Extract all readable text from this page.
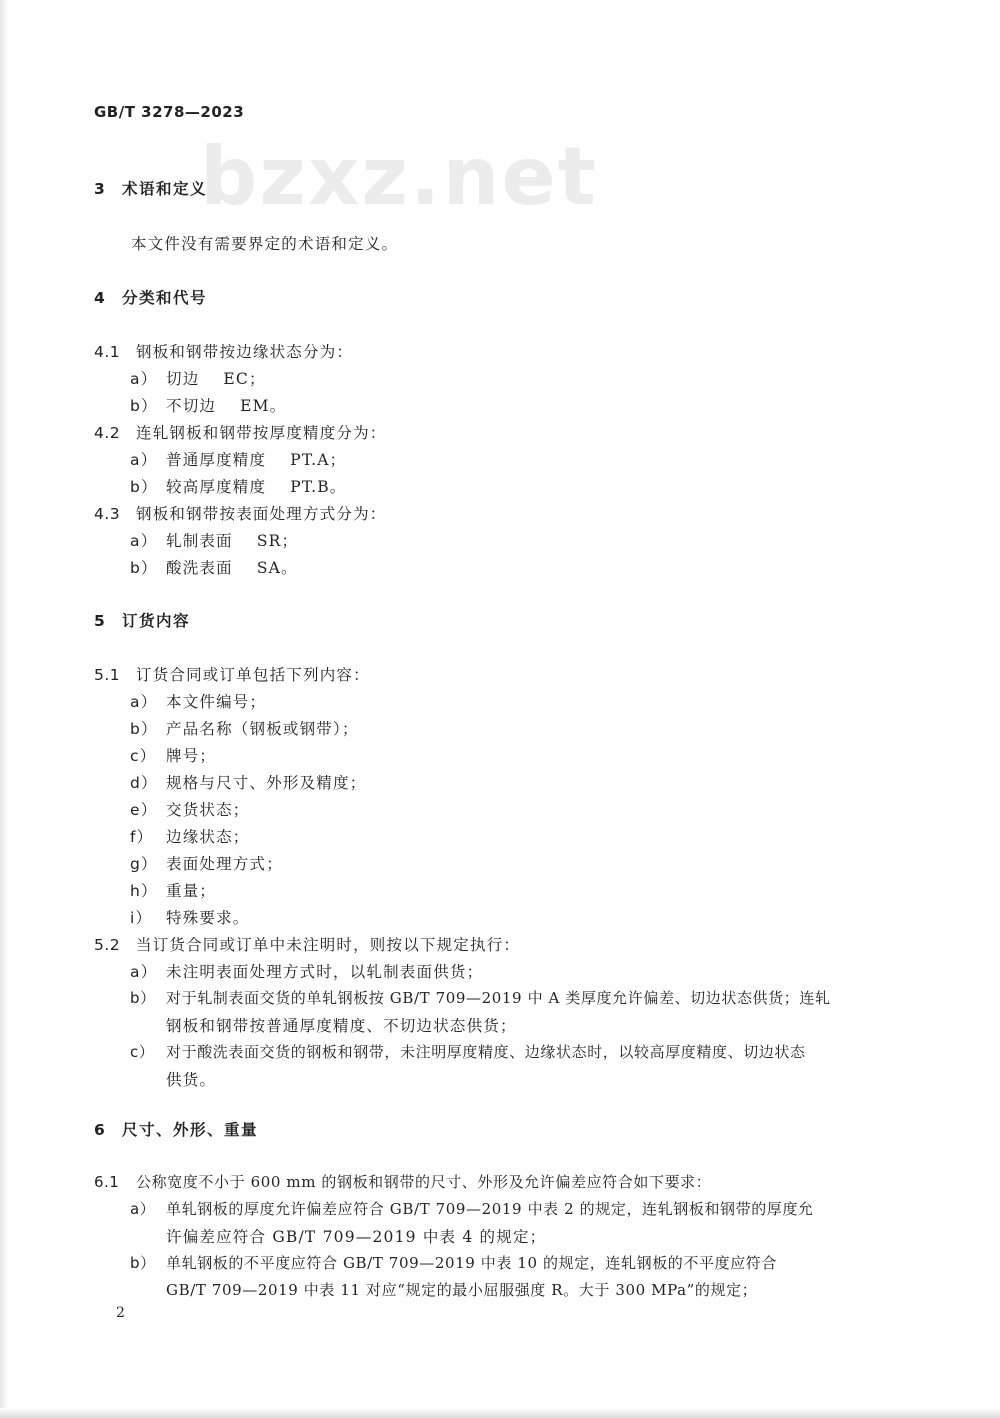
GB/T 3278—2023
bzxz.net
3 术语和定义
本文件没有需要界定的术语和定义。
4 分类和代号
4.1 钢板和钢带按边缘状态分为：
a） 切边 EC；
b） 不切边 EM。
4.2 连轧钢板和钢带按厚度精度分为：
a） 普通厚度精度 PT.A；
b） 较高厚度精度 PT.B。
4.3 钢板和钢带按表面处理方式分为：
a） 轧制表面 SR；
b） 酸洗表面 SA。
5 订货内容
5.1 订货合同或订单包括下列内容：
a） 本文件编号；
b） 产品名称（钢板或钢带）；
c） 牌号；
d） 规格与尺寸、外形及精度；
e） 交货状态；
f） 边缘状态；
g） 表面处理方式；
h） 重量；
i） 特殊要求。
5.2 当订货合同或订单中未注明时，则按以下规定执行：
a） 未注明表面处理方式时，以轧制表面供货；
b） 对于轧制表面交货的单轧钢板按 GB/T 709—2019 中 A 类厚度允许偏差、切边状态供货；连轧
钢板和钢带按普通厚度精度、不切边状态供货；
c） 对于酸洗表面交货的钢板和钢带，未注明厚度精度、边缘状态时，以较高厚度精度、切边状态
供货。
6 尺寸、外形、重量
6.1 公称宽度不小于 600 mm 的钢板和钢带的尺寸、外形及允许偏差应符合如下要求：
a） 单轧钢板的厚度允许偏差应符合 GB/T 709—2019 中表 2 的规定，连轧钢板和钢带的厚度允
许偏差应符合 GB/T 709—2019 中表 4 的规定；
b） 单轧钢板的不平度应符合 GB/T 709—2019 中表 10 的规定，连轧钢板的不平度应符合
GB/T 709—2019 中表 11 对应“规定的最小屈服强度 R。大于 300 MPa”的规定；
2
